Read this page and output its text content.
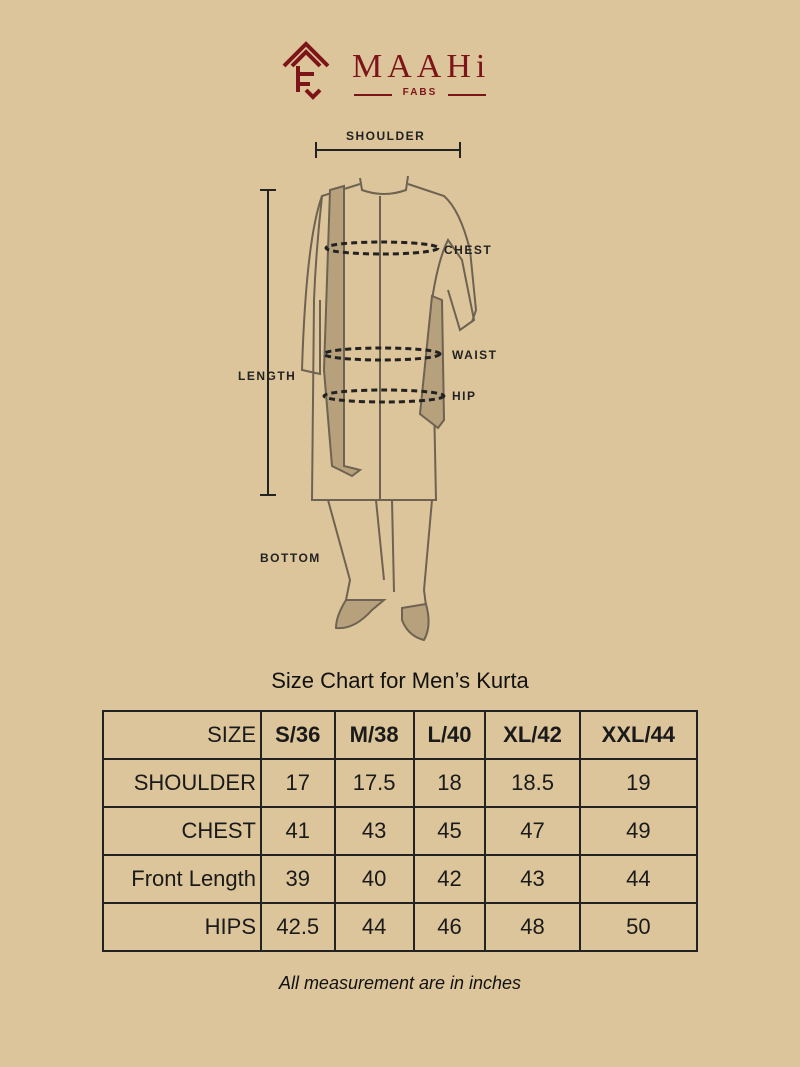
MAAHi
FABS
SHOULDER
CHEST
WAIST
HIP
LENGTH
BOTTOM
Size Chart for Men’s Kurta
SIZE	S/36	M/38	L/40	XL/42	XXL/44
SHOULDER	17	17.5	18	18.5	19
CHEST	41	43	45	47	49
Front Length	39	40	42	43	44
HIPS	42.5	44	46	48	50
All measurement are in inches
